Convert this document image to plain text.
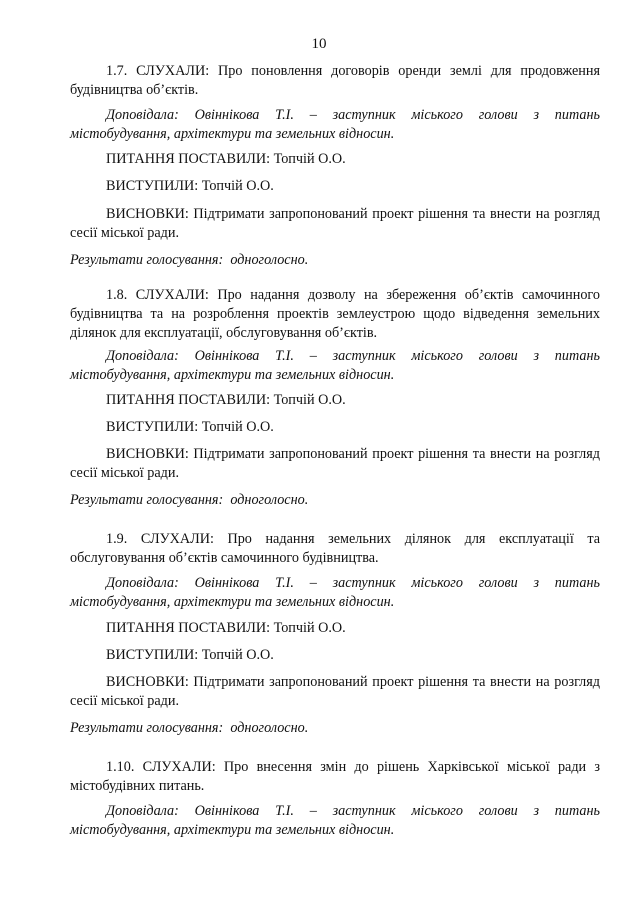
10
1.7. СЛУХАЛИ: Про поновлення договорів оренди землі для продовження будівництва об’єктів.
Доповідала: Овіннікова Т.І. – заступник міського голови з питань містобудування, архітектури та земельних відносин.
ПИТАННЯ ПОСТАВИЛИ: Топчій О.О.
ВИСТУПИЛИ: Топчій О.О.
ВИСНОВКИ: Підтримати запропонований проект рішення та внести на розгляд сесії міської ради.
Результати голосування: одноголосно.
1.8. СЛУХАЛИ: Про надання дозволу на збереження об’єктів самочинного будівництва та на розроблення проектів землеустрою щодо відведення земельних ділянок для експлуатації, обслуговування об’єктів.
Доповідала: Овіннікова Т.І. – заступник міського голови з питань містобудування, архітектури та земельних відносин.
ПИТАННЯ ПОСТАВИЛИ: Топчій О.О.
ВИСТУПИЛИ: Топчій О.О.
ВИСНОВКИ: Підтримати запропонований проект рішення та внести на розгляд сесії міської ради.
Результати голосування: одноголосно.
1.9. СЛУХАЛИ: Про надання земельних ділянок для експлуатації та обслуговування об’єктів самочинного будівництва.
Доповідала: Овіннікова Т.І. – заступник міського голови з питань містобудування, архітектури та земельних відносин.
ПИТАННЯ ПОСТАВИЛИ: Топчій О.О.
ВИСТУПИЛИ: Топчій О.О.
ВИСНОВКИ: Підтримати запропонований проект рішення та внести на розгляд сесії міської ради.
Результати голосування: одноголосно.
1.10. СЛУХАЛИ: Про внесення змін до рішень Харківської міської ради з містобудівних питань.
Доповідала: Овіннікова Т.І. – заступник міського голови з питань містобудування, архітектури та земельних відносин.
